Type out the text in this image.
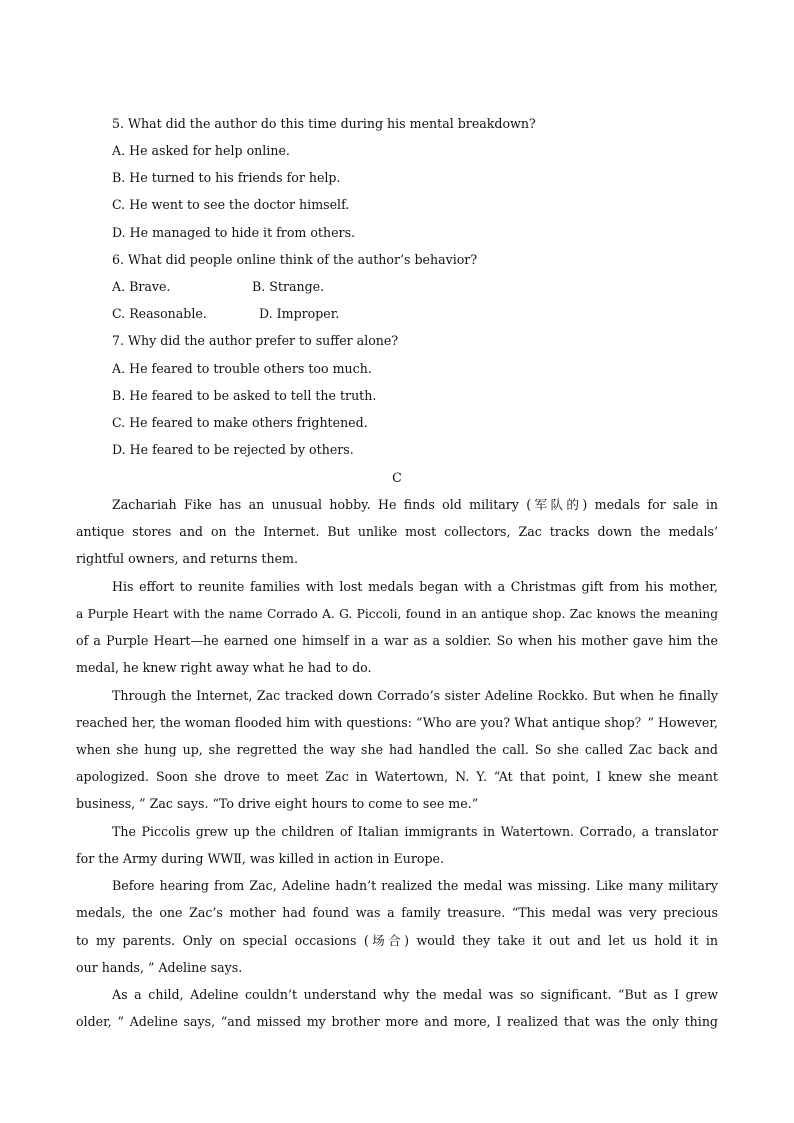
5. What did the author do this time during his mental breakdown?
A. He asked for help online.
B. He turned to his friends for help.
C. He went to see the doctor himself.
D. He managed to hide it from others.
6. What did people online think of the author’s behavior?
A. Brave.	B. Strange.
C. Reasonable.	D. Improper.
7. Why did the author prefer to suffer alone?
A. He feared to trouble others too much.
B. He feared to be asked to tell the truth.
C. He feared to make others frightened.
D. He feared to be rejected by others.
C
Zachariah Fike has an unusual hobby. He finds old military (军队的) medals for sale in
antique stores and on the Internet. But unlike most collectors, Zac tracks down the medals’
rightful owners, and returns them.
His effort to reunite families with lost medals began with a Christmas gift from his mother,
a Purple Heart with the name Corrado A. G. Piccoli, found in an antique shop. Zac knows the meaning
of a Purple Heart—he earned one himself in a war as a soldier. So when his mother gave him the
medal, he knew right away what he had to do.
Through the Internet, Zac tracked down Corrado’s sister Adeline Rockko. But when he finally
reached her, the woman flooded him with questions: “Who are you? What antique shop？” However,
when she hung up, she regretted the way she had handled the call. So she called Zac back and
apologized. Soon she drove to meet Zac in Watertown, N. Y. “At that point, I knew she meant
business, ” Zac says. “To drive eight hours to come to see me.”
The Piccolis grew up the children of Italian immigrants in Watertown. Corrado, a translator
for the Army during WWⅡ, was killed in action in Europe.
Before hearing from Zac, Adeline hadn’t realized the medal was missing. Like many military
medals, the one Zac’s mother had found was a family treasure. “This medal was very precious
to my parents. Only on special occasions (场合) would they take it out and let us hold it in
our hands, ” Adeline says.
As a child, Adeline couldn’t understand why the medal was so significant. “But as I grew
older, ” Adeline says, “and missed my brother more and more, I realized that was the only thing
